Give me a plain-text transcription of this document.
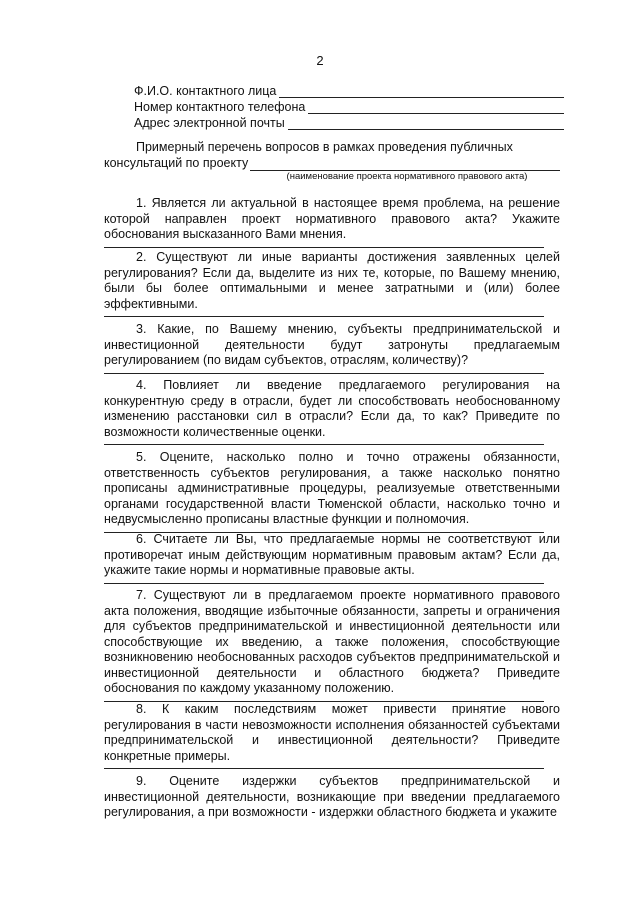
2
Ф.И.О. контактного лица
Номер контактного телефона
Адрес электронной почты

Примерный перечень вопросов в рамках проведения публичных

консультаций по проекту
(наименование проекта нормативного правового акта)

1. Является ли актуальной в настоящее время проблема, на решение которой направлен проект нормативного правового акта? Укажите обоснования высказанного Вами мнения.

2. Существуют ли иные варианты достижения заявленных целей регулирования? Если да, выделите из них те, которые, по Вашему мнению, были бы более оптимальными и менее затратными и (или) более эффективными.

3. Какие, по Вашему мнению, субъекты предпринимательской и инвестиционной деятельности будут затронуты предлагаемым регулированием (по видам субъектов, отраслям, количеству)?

4. Повлияет ли введение предлагаемого регулирования на конкурентную среду в отрасли, будет ли способствовать необоснованному изменению расстановки сил в отрасли? Если да, то как? Приведите по возможности количественные оценки.

5. Оцените, насколько полно и точно отражены обязанности, ответственность субъектов регулирования, а также насколько понятно прописаны административные процедуры, реализуемые ответственными органами государственной власти Тюменской области, насколько точно и недвусмысленно прописаны властные функции и полномочия.

6. Считаете ли Вы, что предлагаемые нормы не соответствуют или противоречат иным действующим нормативным правовым актам? Если да, укажите такие нормы и нормативные правовые акты.

7. Существуют ли в предлагаемом проекте нормативного правового акта положения, вводящие избыточные обязанности, запреты и ограничения для субъектов предпринимательской и инвестиционной деятельности или способствующие их введению, а также положения, способствующие возникновению необоснованных расходов субъектов предпринимательской и инвестиционной деятельности и областного бюджета? Приведите обоснования по каждому указанному положению.

8. К каким последствиям может привести принятие нового регулирования в части невозможности исполнения обязанностей субъектами предпринимательской и инвестиционной деятельности? Приведите конкретные примеры.

9. Оцените издержки субъектов предпринимательской и инвестиционной деятельности, возникающие при введении предлагаемого регулирования, а при возможности - издержки областного бюджета и укажите
